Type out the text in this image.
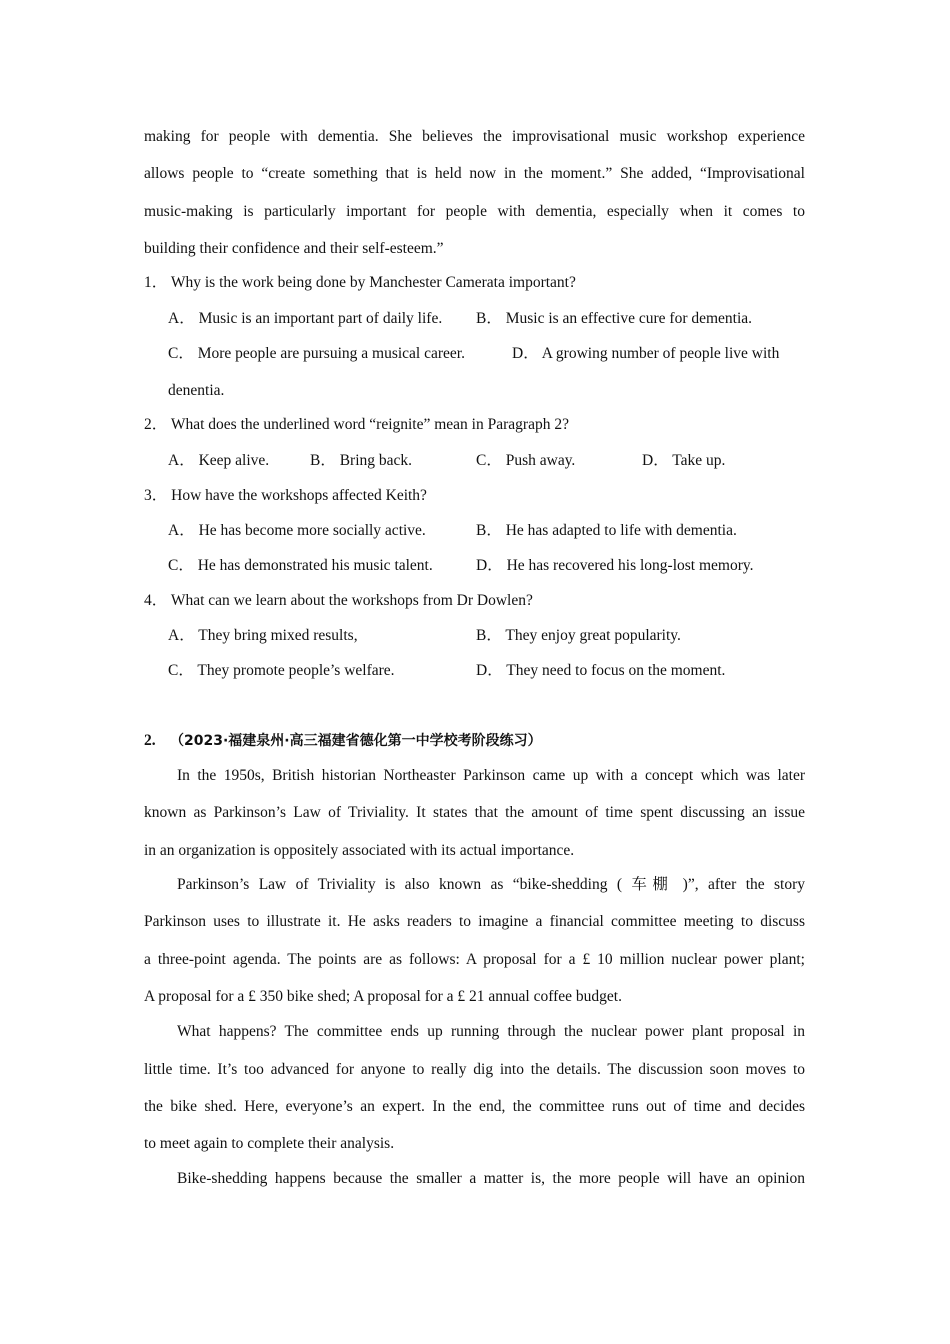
making for people with dementia. She believes the improvisational music workshop experience
allows people to “create something that is held now in the moment.” She added, “Improvisational
music-making is particularly important for people with dementia, especially when it comes to
building their confidence and their self-esteem.”
1． Why is the work being done by Manchester Camerata important?
A． Music is an important part of daily life. B． Music is an effective cure for dementia.
C． More people are pursuing a musical career.	D． A growing number of people live with
denentia.
2． What does the underlined word “reignite” mean in Paragraph 2?
A． Keep alive.	B． Bring back.	C． Push away.	D． Take up.
3． How have the workshops affected Keith?
A． He has become more socially active.	B． He has adapted to life with dementia.
C． He has demonstrated his music talent.	D． He has recovered his long-lost memory.
4． What can we learn about the workshops from Dr Dowlen?
A． They bring mixed results,	B． They enjoy great popularity.
C． They promote people’s welfare.	D． They need to focus on the moment.
2. （2023·福建泉州·高三福建省德化第一中学校考阶段练习）
In the 1950s, British historian Northeaster Parkinson came up with a concept which was later
known as Parkinson’s Law of Triviality. It states that the amount of time spent discussing an issue
in an organization is oppositely associated with its actual importance.
Parkinson’s Law of Triviality is also known as “bike-shedding ( 车棚 )”, after the story
Parkinson uses to illustrate it. He asks readers to imagine a financial committee meeting to discuss
a three-point agenda. The points are as follows: A proposal for a £ 10 million nuclear power plant;
A proposal for a £ 350 bike shed; A proposal for a £ 21 annual coffee budget.
What happens? The committee ends up running through the nuclear power plant proposal in
little time. It’s too advanced for anyone to really dig into the details. The discussion soon moves to
the bike shed. Here, everyone’s an expert. In the end, the committee runs out of time and decides
to meet again to complete their analysis.
Bike-shedding happens because the smaller a matter is, the more people will have an opinion
